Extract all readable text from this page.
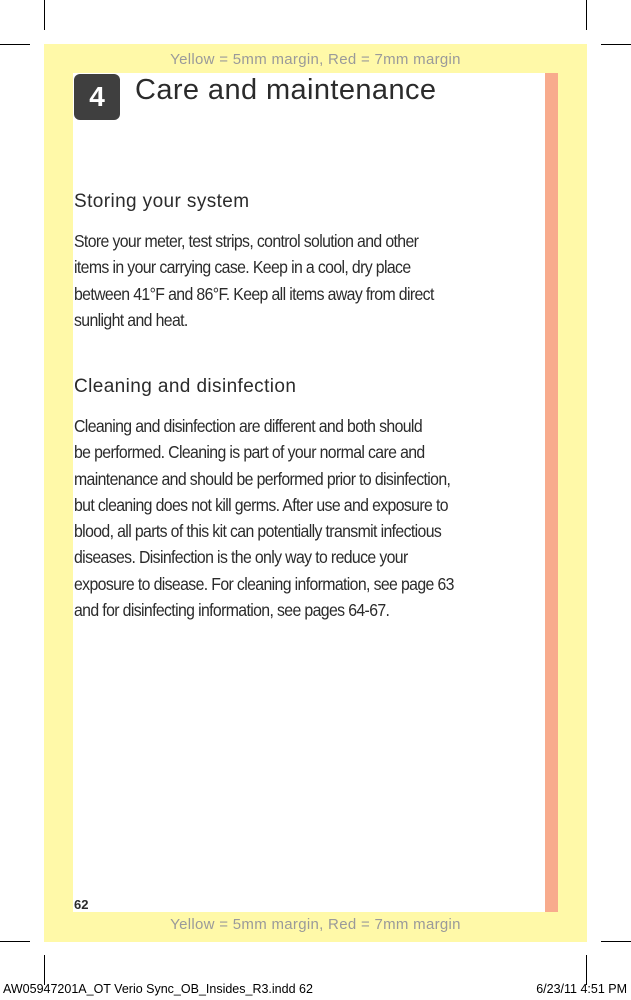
Yellow = 5mm margin, Red = 7mm margin
Yellow = 5mm margin, Red = 7mm margin
4	Care and maintenance
Storing your system

Store your meter, test strips, control solution and other
items in your carrying case. Keep in a cool, dry place
between 41°F and 86°F. Keep all items away from direct
sunlight and heat.

Cleaning and disinfection

Cleaning and disinfection are different and both should
be performed. Cleaning is part of your normal care and
maintenance and should be performed prior to disinfection,
but cleaning does not kill germs. After use and exposure to
blood, all parts of this kit can potentially transmit infectious
diseases. Disinfection is the only way to reduce your
exposure to disease. For cleaning information, see page 63
and for disinfecting information, see pages 64-67.

62
AW05947201A_OT Verio Sync_OB_Insides_R3.indd 62	6/23/11 4:51 PM
